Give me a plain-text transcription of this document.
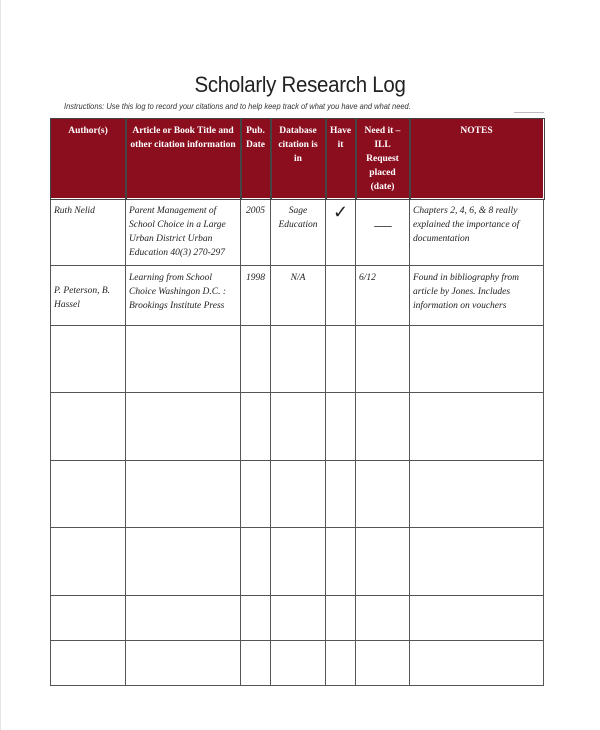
Scholarly Research Log
Instructions: Use this log to record your citations and to help keep track of what you have and what need.
Author(s)	Article or Book Title and other citation information	Pub. Date	Database citation is in	Have it	Need it – ILL Request placed (date)	NOTES
Ruth Nelid	Parent Management of School Choice in a Large Urban District Urban Education 40(3) 270-297	2005	Sage Education	✓	--------	Chapters 2, 4, 6, & 8 really explained the importance of documentation
P. Peterson, B. Hassel	Learning from School Choice Washingon D.C. : Brookings Institute Press	1998	N/A		6/12	Found in bibliography from article by Jones. Includes information on vouchers
